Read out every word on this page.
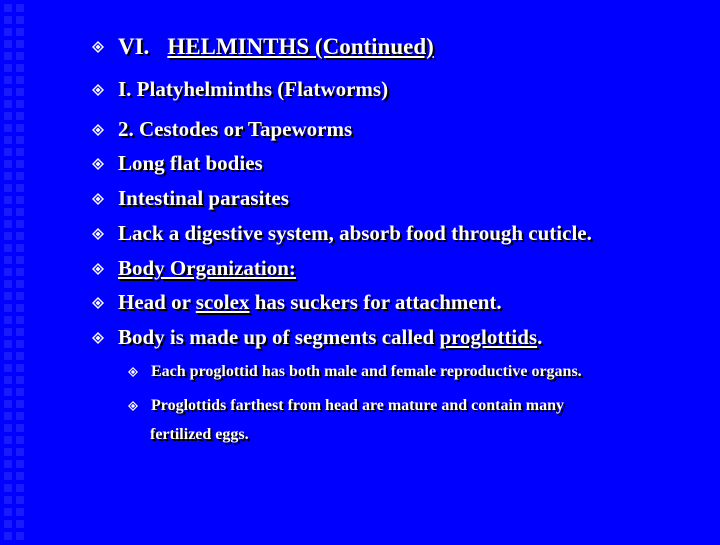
VI. HELMINTHS (Continued)
I. Platyhelminths (Flatworms)
2. Cestodes or Tapeworms
Long flat bodies
Intestinal parasites
Lack a digestive system, absorb food through cuticle.
Body Organization:
Head or scolex has suckers for attachment.
Body is made up of segments called proglottids .
Each proglottid has both male and female reproductive organs.
Proglottids farthest from head are mature and contain many
fertilized eggs.
